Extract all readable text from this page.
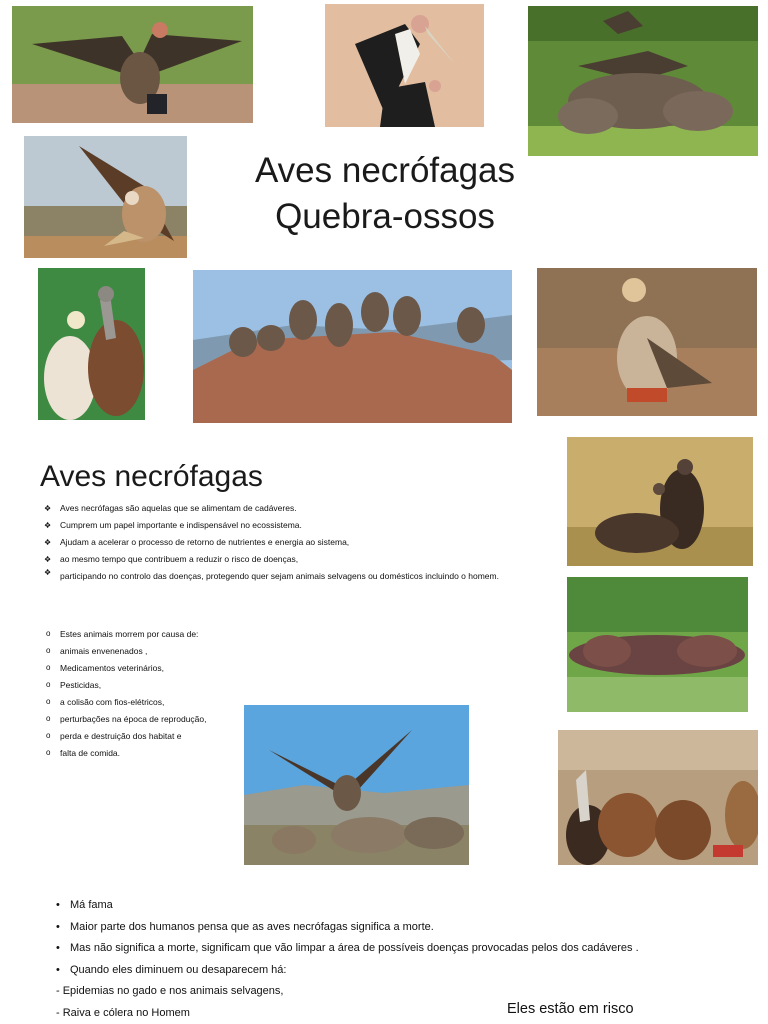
Aves necrófagas
Quebra-ossos
Aves necrófagas
❖ Aves necrófagas são aquelas que se alimentam de cadáveres.
❖ Cumprem um papel importante e indispensável no ecossistema.
❖ Ajudam a acelerar o processo de retorno de nutrientes e energia ao sistema,
❖ ao mesmo tempo que contribuem a reduzir o risco de doenças,
❖ participando no controlo das doenças, protegendo quer sejam animais selvagens ou domésticos incluindo o homem.
o Estes animais morrem por causa de:
o animais envenenados ,
o Medicamentos veterinários,
o Pesticidas,
o a colisão com fios-elétricos,
o perturbações na época de reprodução,
o perda e destruição dos habitat e
o falta de comida.
• Má fama
• Maior parte dos humanos pensa que as aves necrófagas significa a morte.
• Mas não significa a morte, significam que vão limpar a área de possíveis doenças provocadas pelos dos cadáveres .
• Quando eles diminuem ou desaparecem há:
- Epidemias no gado e nos animais selvagens,
- Raiva e cólera no Homem	Eles estão em risco
